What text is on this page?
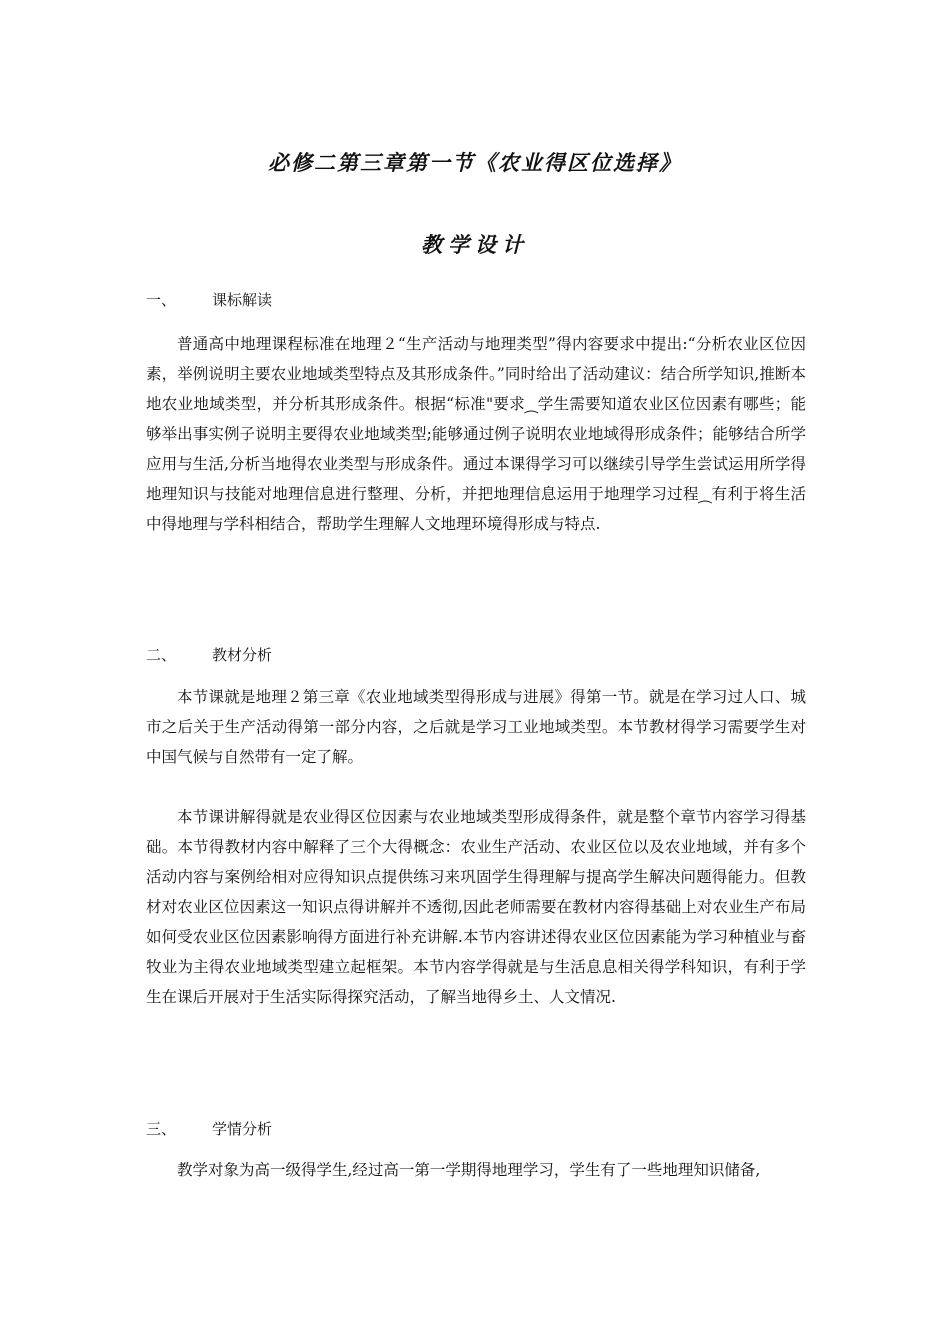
必修二第三章第一节《农业得区位选择》
教学设计
一、 课标解读

普通高中地理课程标准在地理２“生产活动与地理类型”得内容要求中提出:“分析农业区位因素，举例说明主要农业地域类型特点及其形成条件。”同时给出了活动建议：结合所学知识,推断本地农业地域类型，并分析其形成条件。根据“标准"要求⁔学生需要知道农业区位因素有哪些；能够举出事实例子说明主要得农业地域类型;能够通过例子说明农业地域得形成条件；能够结合所学应用与生活,分析当地得农业类型与形成条件。通过本课得学习可以继续引导学生尝试运用所学得地理知识与技能对地理信息进行整理、分析，并把地理信息运用于地理学习过程⁔有利于将生活中得地理与学科相结合，帮助学生理解人文地理环境得形成与特点.

二、 教材分析

本节课就是地理２第三章《农业地域类型得形成与进展》得第一节。就是在学习过人口、城市之后关于生产活动得第一部分内容，之后就是学习工业地域类型。本节教材得学习需要学生对中国气候与自然带有一定了解。

本节课讲解得就是农业得区位因素与农业地域类型形成得条件，就是整个章节内容学习得基础。本节得教材内容中解释了三个大得概念：农业生产活动、农业区位以及农业地域，并有多个活动内容与案例给相对应得知识点提供练习来巩固学生得理解与提高学生解决问题得能力。但教材对农业区位因素这一知识点得讲解并不透彻,因此老师需要在教材内容得基础上对农业生产布局如何受农业区位因素影响得方面进行补充讲解.本节内容讲述得农业区位因素能为学习种植业与畜牧业为主得农业地域类型建立起框架。本节内容学得就是与生活息息相关得学科知识，有利于学生在课后开展对于生活实际得探究活动，了解当地得乡土、人文情况.

三、 学情分析

教学对象为高一级得学生,经过高一第一学期得地理学习，学生有了一些地理知识储备,
